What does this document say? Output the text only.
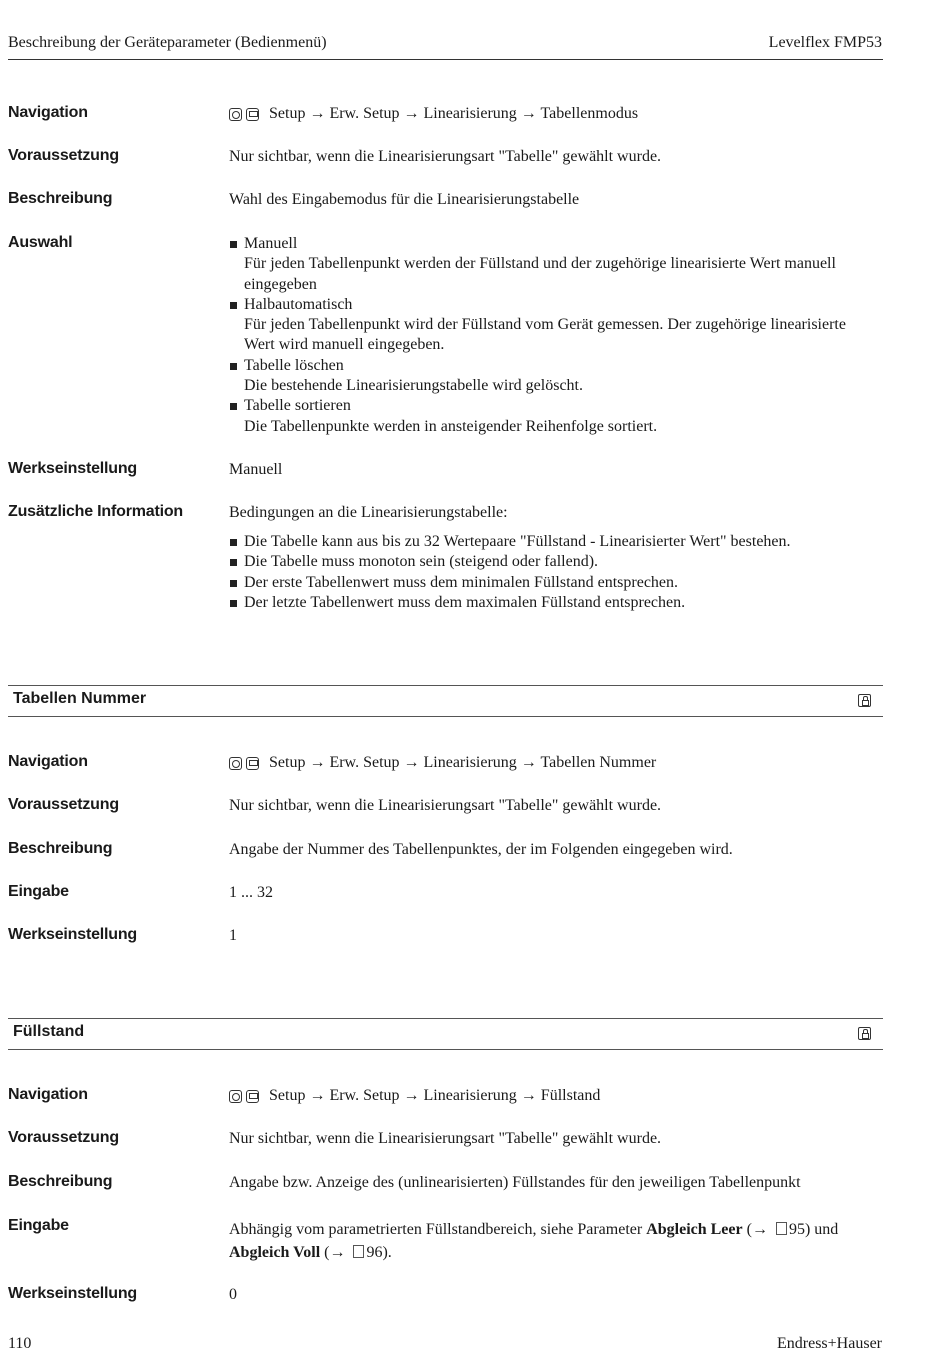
Beschreibung der Geräteparameter (Bedienmenü)	Levelflex FMP53
Navigation	Setup → Erw. Setup → Linearisierung → Tabellenmodus
Voraussetzung	Nur sichtbar, wenn die Linearisierungsart "Tabelle" gewählt wurde.
Beschreibung	Wahl des Eingabemodus für die Linearisierungstabelle
Auswahl	Manuell
Für jeden Tabellenpunkt werden der Füllstand und der zugehörige linearisierte Wert manuell eingegeben
Halbautomatisch
Für jeden Tabellenpunkt wird der Füllstand vom Gerät gemessen. Der zugehörige linearisierte Wert wird manuell eingegeben.
Tabelle löschen
Die bestehende Linearisierungstabelle wird gelöscht.
Tabelle sortieren
Die Tabellenpunkte werden in ansteigender Reihenfolge sortiert.
Werkseinstellung	Manuell
Zusätzliche Information	Bedingungen an die Linearisierungstabelle:
Die Tabelle kann aus bis zu 32 Wertepaare "Füllstand - Linearisierter Wert" bestehen.
Die Tabelle muss monoton sein (steigend oder fallend).
Der erste Tabellenwert muss dem minimalen Füllstand entsprechen.
Der letzte Tabellenwert muss dem maximalen Füllstand entsprechen.
Tabellen Nummer
Navigation	Setup → Erw. Setup → Linearisierung → Tabellen Nummer
Voraussetzung	Nur sichtbar, wenn die Linearisierungsart "Tabelle" gewählt wurde.
Beschreibung	Angabe der Nummer des Tabellenpunktes, der im Folgenden eingegeben wird.
Eingabe	1 ... 32
Werkseinstellung	1
Füllstand
Navigation	Setup → Erw. Setup → Linearisierung → Füllstand
Voraussetzung	Nur sichtbar, wenn die Linearisierungsart "Tabelle" gewählt wurde.
Beschreibung	Angabe bzw. Anzeige des (unlinearisierten) Füllstandes für den jeweiligen Tabellenpunkt
Eingabe	Abhängig vom parametrierten Füllstandbereich, siehe Parameter Abgleich Leer (→ 95) und
Abgleich Voll (→ 96).
Werkseinstellung	0
110	Endress+Hauser
